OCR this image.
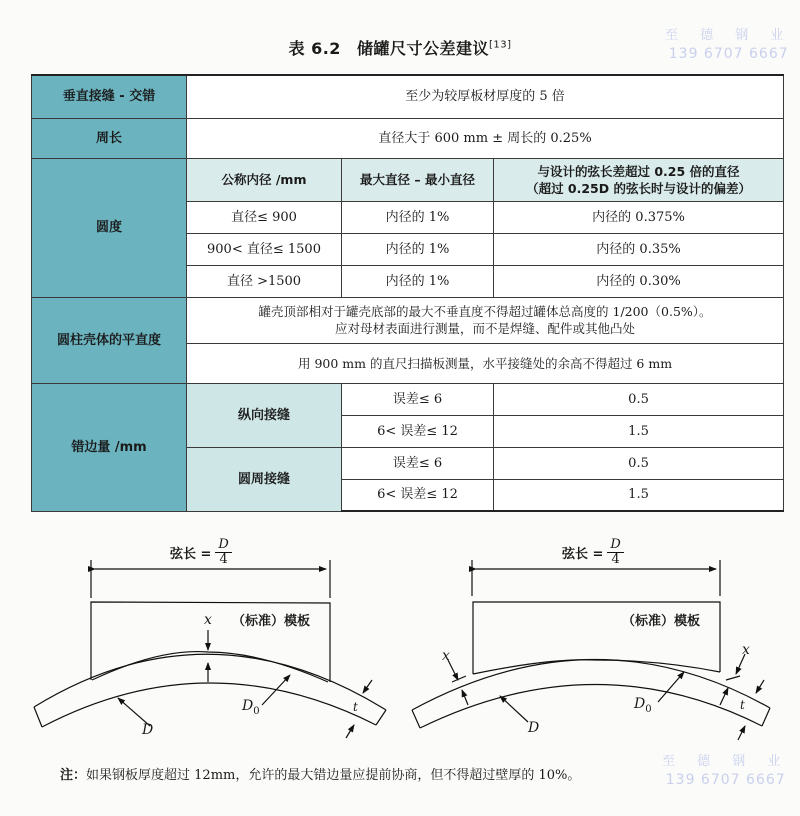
表 6.2 储罐尺寸公差建议[13]
至 德 钢 业
139 6707 6667
垂直接缝 - 交错	至少为较厚板材厚度的 5 倍		
周长	直径大于 600 mm ± 周长的 0.25%		
圆度	公称内径 /mm	最大直径 – 最小直径	与设计的弦长差超过 0.25 倍的直径
（超过 0.25D 的弦长时与设计的偏差）

	直径≤ 900	内径的 1%	内径的 0.375%
	900< 直径≤ 1500	内径的 1%	内径的 0.35%
	直径 >1500	内径的 1%	内径的 0.30%
圆柱壳体的平直度	罐壳顶部相对于罐壳底部的最大不垂直度不得超过罐体总高度的 1/200（0.5%）。
应对母材表面进行测量，而不是焊缝、配件或其他凸处		

	用 900 mm 的直尺扫描板测量，水平接缝处的余高不得超过 6 mm		
错边量 /mm	纵向接缝	误差≤ 6	0.5
		6< 误差≤ 12	1.5
	圆周接缝	误差≤ 6	0.5
		6< 误差≤ 12	1.5
弦长 = $\frac{D}{4}$
（标准）模板
x
D
$D_0$	t
弦长 = $\frac{D}{4}$
（标准）模板
x	x
D
$D_0$	t
注：如果钢板厚度超过 12mm，允许的最大错边量应提前协商，但不得超过壁厚的 10%。
至 德 钢 业
139 6707 6667
